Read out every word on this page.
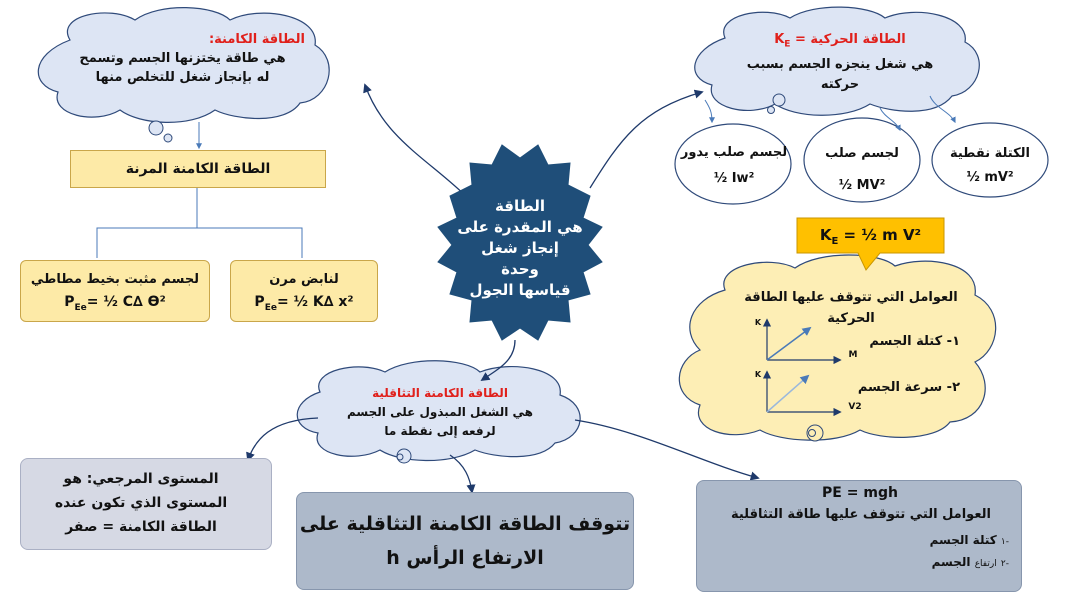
الطاقة
هي المقدرة على
إنجاز شغل
وحدة
قياسها الجول
الطاقة الكامنة:
هي طاقة يختزنها الجسم وتسمح
له بإنجاز شغل للتخلص منها
الطاقة الكامنة المرنة
لجسم مثبت بخيط مطاطي
$P_{Ee}=$ ½ C∆ ϴ²
لنابض مرن
$P_{Ee}=$ ½ K∆ x²
الطاقة الحركية = $K_E$
هي شغل ينجزه الجسم بسبب
حركته
الكتلة نقطية
½ mV²
لجسم صلب
½ MV²
لجسم صلب يدور
½ Iw²
$K_E$ = ½ m V²
العوامل التي تتوقف عليها الطاقة
الحركية
١- كتلة الجسم
٢- سرعة الجسم
K
M
K
V2
الطاقة الكامنة التثاقلية
هي الشغل المبذول على الجسم
لرفعه إلى نقطة ما
المستوى المرجعي: هو
المستوى الذي تكون عنده
الطاقة الكامنة = صفر	تتوقف الطاقة الكامنة التثاقلية على
الارتفاع الرأس h
PE = mgh
العوامل التي تتوقف عليها طاقة التثاقلية
-١ كتلة الجسم
-٢ ارتفاع الجسم
